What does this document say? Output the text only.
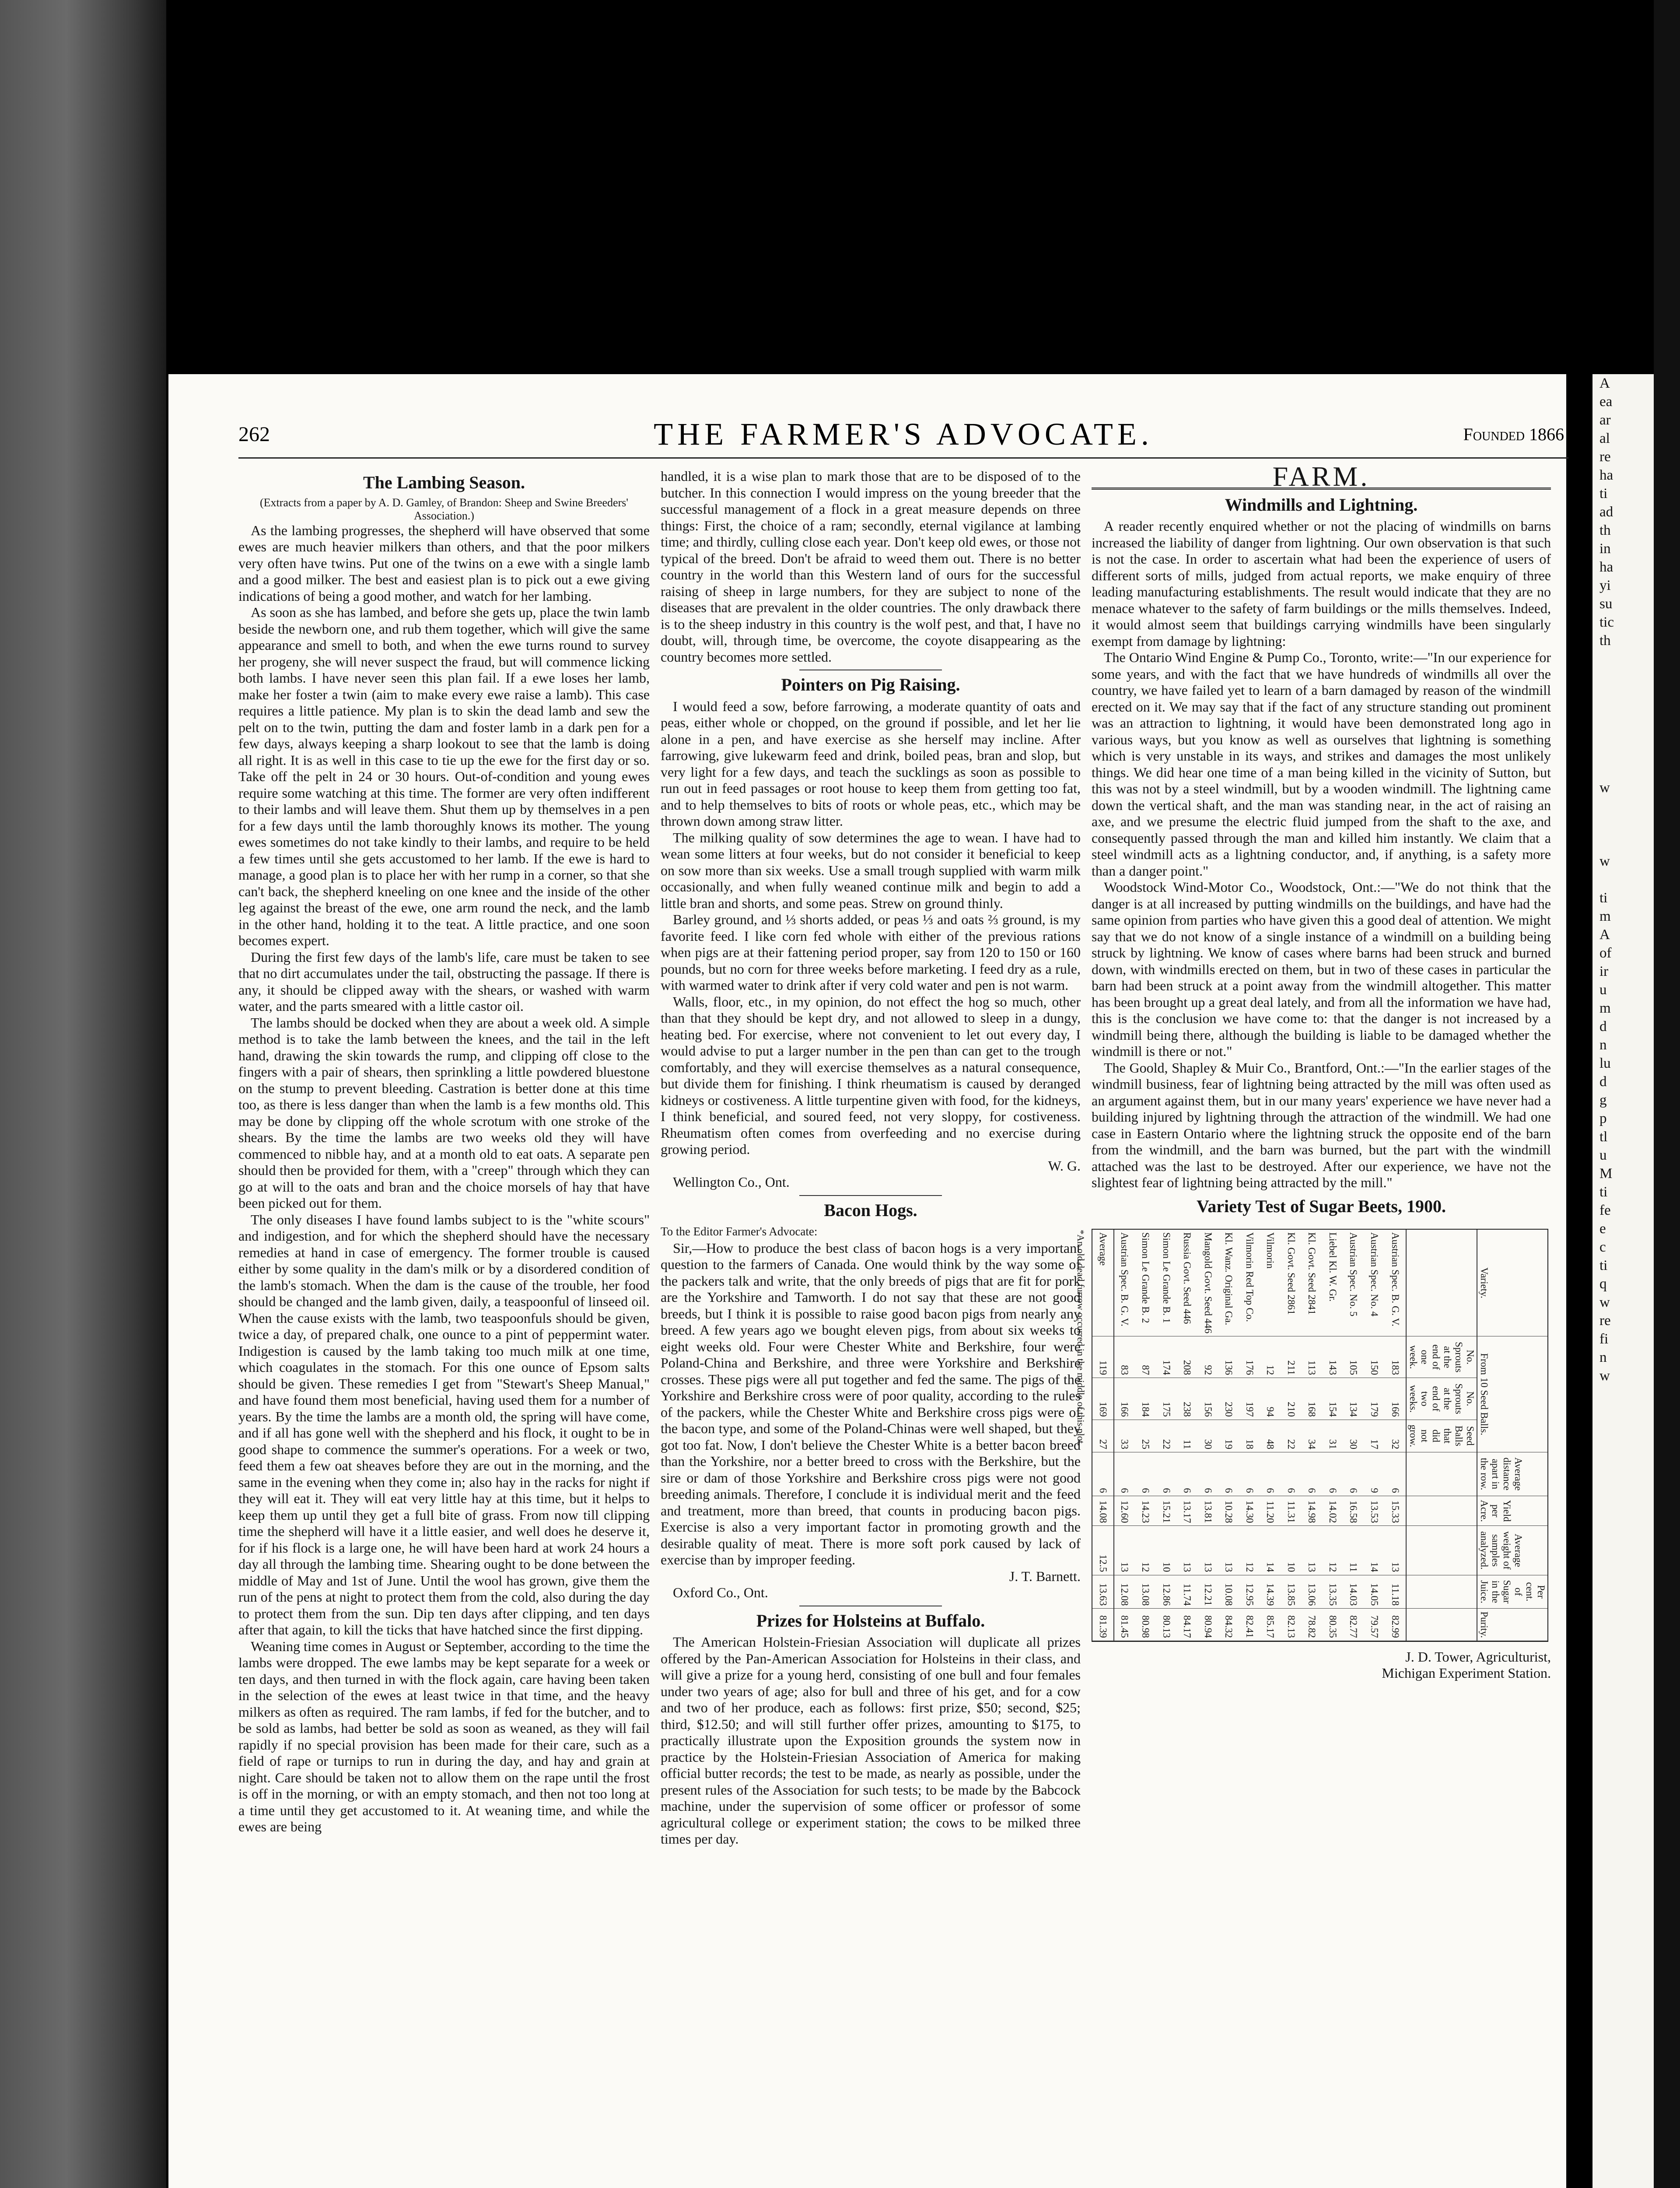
A
ea
ar
al
re
ha
ti
ad
th
in
ha
yi
su
tic
th
w
w
ti
m
A
of
ir
u
m
d
n
lu
d
g
p
tl
u
M
ti
fe
e
c
ti
q
w
re
fi
n
w
262	THE FARMER'S ADVOCATE.	Founded 1866
The Lambing Season.

(Extracts from a paper by A. D. Gamley, of Brandon: Sheep and Swine Breeders' Association.)

As the lambing progresses, the shepherd will have observed that some ewes are much heavier milkers than others, and that the poor milkers very often have twins. Put one of the twins on a ewe with a single lamb and a good milker. The best and easiest plan is to pick out a ewe giving indications of being a good mother, and watch for her lambing.

As soon as she has lambed, and before she gets up, place the twin lamb beside the newborn one, and rub them together, which will give the same appearance and smell to both, and when the ewe turns round to survey her progeny, she will never suspect the fraud, but will commence licking both lambs. I have never seen this plan fail. If a ewe loses her lamb, make her foster a twin (aim to make every ewe raise a lamb). This case requires a little patience. My plan is to skin the dead lamb and sew the pelt on to the twin, putting the dam and foster lamb in a dark pen for a few days, always keeping a sharp lookout to see that the lamb is doing all right. It is as well in this case to tie up the ewe for the first day or so. Take off the pelt in 24 or 30 hours. Out-of-condition and young ewes require some watching at this time. The former are very often indifferent to their lambs and will leave them. Shut them up by themselves in a pen for a few days until the lamb thoroughly knows its mother. The young ewes sometimes do not take kindly to their lambs, and require to be held a few times until she gets accustomed to her lamb. If the ewe is hard to manage, a good plan is to place her with her rump in a corner, so that she can't back, the shepherd kneeling on one knee and the inside of the other leg against the breast of the ewe, one arm round the neck, and the lamb in the other hand, holding it to the teat. A little practice, and one soon becomes expert.

During the first few days of the lamb's life, care must be taken to see that no dirt accumulates under the tail, obstructing the passage. If there is any, it should be clipped away with the shears, or washed with warm water, and the parts smeared with a little castor oil.

The lambs should be docked when they are about a week old. A simple method is to take the lamb between the knees, and the tail in the left hand, drawing the skin towards the rump, and clipping off close to the fingers with a pair of shears, then sprinkling a little powdered bluestone on the stump to prevent bleeding. Castration is better done at this time too, as there is less danger than when the lamb is a few months old. This may be done by clipping off the whole scrotum with one stroke of the shears. By the time the lambs are two weeks old they will have commenced to nibble hay, and at a month old to eat oats. A separate pen should then be provided for them, with a "creep" through which they can go at will to the oats and bran and the choice morsels of hay that have been picked out for them.

The only diseases I have found lambs subject to is the "white scours" and indigestion, and for which the shepherd should have the necessary remedies at hand in case of emergency. The former trouble is caused either by some quality in the dam's milk or by a disordered condition of the lamb's stomach. When the dam is the cause of the trouble, her food should be changed and the lamb given, daily, a teaspoonful of linseed oil. When the cause exists with the lamb, two teaspoonfuls should be given, twice a day, of prepared chalk, one ounce to a pint of peppermint water. Indigestion is caused by the lamb taking too much milk at one time, which coagulates in the stomach. For this one ounce of Epsom salts should be given. These remedies I get from "Stewart's Sheep Manual," and have found them most beneficial, having used them for a number of years. By the time the lambs are a month old, the spring will have come, and if all has gone well with the shepherd and his flock, it ought to be in good shape to commence the summer's operations. For a week or two, feed them a few oat sheaves before they are out in the morning, and the same in the evening when they come in; also hay in the racks for night if they will eat it. They will eat very little hay at this time, but it helps to keep them up until they get a full bite of grass. From now till clipping time the shepherd will have it a little easier, and well does he deserve it, for if his flock is a large one, he will have been hard at work 24 hours a day all through the lambing time. Shearing ought to be done between the middle of May and 1st of June. Until the wool has grown, give them the run of the pens at night to protect them from the cold, also during the day to protect them from the sun. Dip ten days after clipping, and ten days after that again, to kill the ticks that have hatched since the first dipping.

Weaning time comes in August or September, according to the time the lambs were dropped. The ewe lambs may be kept separate for a week or ten days, and then turned in with the flock again, care having been taken in the selection of the ewes at least twice in that time, and the heavy milkers as often as required. The ram lambs, if fed for the butcher, and to be sold as lambs, had better be sold as soon as weaned, as they will fail rapidly if no special provision has been made for their care, such as a field of rape or turnips to run in during the day, and hay and grain at night. Care should be taken not to allow them on the rape until the frost is off in the morning, or with an empty stomach, and then not too long at a time until they get accustomed to it. At weaning time, and while the ewes are being

handled, it is a wise plan to mark those that are to be disposed of to the butcher. In this connection I would impress on the young breeder that the successful management of a flock in a great measure depends on three things: First, the choice of a ram; secondly, eternal vigilance at lambing time; and thirdly, culling close each year. Don't keep old ewes, or those not typical of the breed. Don't be afraid to weed them out. There is no better country in the world than this Western land of ours for the successful raising of sheep in large numbers, for they are subject to none of the diseases that are prevalent in the older countries. The only drawback there is to the sheep industry in this country is the wolf pest, and that, I have no doubt, will, through time, be overcome, the coyote disappearing as the country becomes more settled.

Pointers on Pig Raising.

I would feed a sow, before farrowing, a moderate quantity of oats and peas, either whole or chopped, on the ground if possible, and let her lie alone in a pen, and have exercise as she herself may incline. After farrowing, give lukewarm feed and drink, boiled peas, bran and slop, but very light for a few days, and teach the sucklings as soon as possible to run out in feed passages or root house to keep them from getting too fat, and to help themselves to bits of roots or whole peas, etc., which may be thrown down among straw litter.

The milking quality of sow determines the age to wean. I have had to wean some litters at four weeks, but do not consider it beneficial to keep on sow more than six weeks. Use a small trough supplied with warm milk occasionally, and when fully weaned continue milk and begin to add a little bran and shorts, and some peas. Strew on ground thinly.

Barley ground, and ⅓ shorts added, or peas ⅓ and oats ⅔ ground, is my favorite feed. I like corn fed whole with either of the previous rations when pigs are at their fattening period proper, say from 120 to 150 or 160 pounds, but no corn for three weeks before marketing. I feed dry as a rule, with warmed water to drink after if very cold water and pen is not warm.

Walls, floor, etc., in my opinion, do not effect the hog so much, other than that they should be kept dry, and not allowed to sleep in a dungy, heating bed. For exercise, where not convenient to let out every day, I would advise to put a larger number in the pen than can get to the trough comfortably, and they will exercise themselves as a natural consequence, but divide them for finishing. I think rheumatism is caused by deranged kidneys or costiveness. A little turpentine given with food, for the kidneys, I think beneficial, and soured feed, not very sloppy, for costiveness. Rheumatism often comes from overfeeding and no exercise during growing period.

W. G.

Wellington Co., Ont.

Bacon Hogs.

To the Editor Farmer's Advocate:

Sir,—How to produce the best class of bacon hogs is a very important question to the farmers of Canada. One would think by the way some of the packers talk and write, that the only breeds of pigs that are fit for pork are the Yorkshire and Tamworth. I do not say that these are not good breeds, but I think it is possible to raise good bacon pigs from nearly any breed. A few years ago we bought eleven pigs, from about six weeks to eight weeks old. Four were Chester White and Berkshire, four were Poland-China and Berkshire, and three were Yorkshire and Berkshire crosses. These pigs were all put together and fed the same. The pigs of the Yorkshire and Berkshire cross were of poor quality, according to the rules of the packers, while the Chester White and Berkshire cross pigs were of the bacon type, and some of the Poland-Chinas were well shaped, but they got too fat. Now, I don't believe the Chester White is a better bacon breed than the Yorkshire, nor a better breed to cross with the Berkshire, but the sire or dam of those Yorkshire and Berkshire cross pigs were not good breeding animals. Therefore, I conclude it is individual merit and the feed and treatment, more than breed, that counts in producing bacon pigs. Exercise is also a very important factor in promoting growth and the desirable quality of meat. There is more soft pork caused by lack of exercise than by improper feeding.

J. T. Barnett.

Oxford Co., Ont.

Prizes for Holsteins at Buffalo.

The American Holstein-Friesian Association will duplicate all prizes offered by the Pan-American Association for Holsteins in their class, and will give a prize for a young herd, consisting of one bull and four females under two years of age; also for bull and three of his get, and for a cow and two of her produce, each as follows: first prize, $50; second, $25; third, $12.50; and will still further offer prizes, amounting to $175, to practically illustrate upon the Exposition grounds the system now in practice by the Holstein-Friesian Association of America for making official butter records; the test to be made, as nearly as possible, under the present rules of the Association for such tests; to be made by the Babcock machine, under the supervision of some officer or professor of some agricultural college or experiment station; the cows to be milked three times per day.

FARM.
Windmills and Lightning.

A reader recently enquired whether or not the placing of windmills on barns increased the liability of danger from lightning. Our own observation is that such is not the case. In order to ascertain what had been the experience of users of different sorts of mills, judged from actual reports, we make enquiry of three leading manufacturing establishments. The result would indicate that they are no menace whatever to the safety of farm buildings or the mills themselves. Indeed, it would almost seem that buildings carrying windmills have been singularly exempt from damage by lightning:

The Ontario Wind Engine & Pump Co., Toronto, write:—"In our experience for some years, and with the fact that we have hundreds of windmills all over the country, we have failed yet to learn of a barn damaged by reason of the windmill erected on it. We may say that if the fact of any structure standing out prominent was an attraction to lightning, it would have been demonstrated long ago in various ways, but you know as well as ourselves that lightning is something which is very unstable in its ways, and strikes and damages the most unlikely things. We did hear one time of a man being killed in the vicinity of Sutton, but this was not by a steel windmill, but by a wooden windmill. The lightning came down the vertical shaft, and the man was standing near, in the act of raising an axe, and we presume the electric fluid jumped from the shaft to the axe, and consequently passed through the man and killed him instantly. We claim that a steel windmill acts as a lightning conductor, and, if anything, is a safety more than a danger point."

Woodstock Wind-Motor Co., Woodstock, Ont.:—"We do not think that the danger is at all increased by putting windmills on the buildings, and have had the same opinion from parties who have given this a good deal of attention. We might say that we do not know of a single instance of a windmill on a building being struck by lightning. We know of cases where barns had been struck and burned down, with windmills erected on them, but in two of these cases in particular the barn had been struck at a point away from the windmill altogether. This matter has been brought up a great deal lately, and from all the information we have had, this is the conclusion we have come to: that the danger is not increased by a windmill being there, although the building is liable to be damaged whether the windmill is there or not."

The Goold, Shapley & Muir Co., Brantford, Ont.:—"In the earlier stages of the windmill business, fear of lightning being attracted by the mill was often used as an argument against them, but in our many years' experience we have never had a building injured by lightning through the attraction of the windmill. We had one case in Eastern Ontario where the lightning struck the opposite end of the barn from the windmill, and the barn was burned, but the part with the windmill attached was the last to be destroyed. After our experience, we have not the slightest fear of lightning being attracted by the mill."

Variety Test of Sugar Beets, 1900.
Variety.	From 10 Seed Balls.			Average distance apart in the row.	Yield per Acre.	Average weight of samples analyzed.	Per cent. of Sugar in the Juice.	Purity.
	No. Sprouts at the end of one week.	No. Sprouts at the end of two weeks.	Seed Balls that did not grow.					
Austrian Spec. B. G. V.	183	166	32	6	15.33	13	11.18	82.99
Austrian Spec. No. 4	150	179	17	9	13.53	14	14.05	79.57
Austrian Spec. No. 5	105	134	30	6	16.58	11	14.03	82.77
Liebel Kl. W. Gr.	143	154	31	6	14.02	12	13.35	80.35
Kl. Govt. Seed 2841	113	168	34	6	14.98	13	13.06	78.82
Kl. Govt. Seed 2861	211	210	22	6	11.31	10	13.85	82.13
Vilmorin	12	94	48	6	11.20	14	14.39	85.17
Vilmorin Red Top Co.	176	197	18	6	14.30	12	12.95	82.41
Kl. Wanz. Original Ga.	136	230	19	6	10.28	13	10.08	84.32
Mangold Govt. Seed 446	92	156	30	6	13.81	13	12.21	80.94
Russia Govt. Seed 446	208	238	11	6	13.17	13	11.74	84.17
Simon Le Grande B. 1	174	175	22	6	15.21	10	12.86	80.13
Simon Le Grande B. 2	87	184	25	6	14.23	12	13.08	80.98
Austrian Spec. B. G. V.	83	166	33	6	12.60	13	12.08	81.45
Average	119	169	27	6	14.08	12.5	13.63	81.39
*An old dead furrow occurred in the middle of this plot.
J. D. Tower, Agriculturist,
Michigan Experiment Station.
